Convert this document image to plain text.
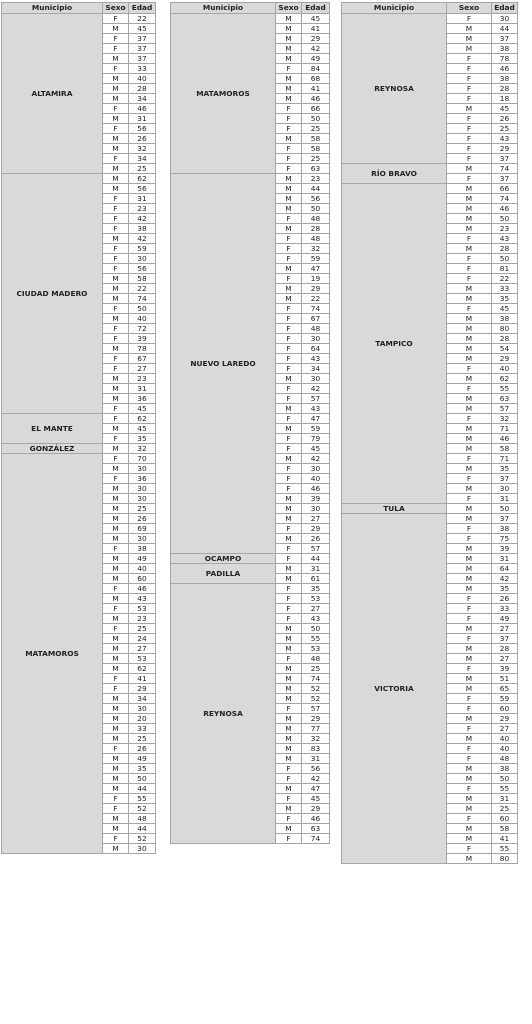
Municipio	Sexo	Edad
ALTAMIRA	F	22
	M	45
	F	37
	F	37
	M	37
	F	33
	M	40
	M	28
	M	34
	F	46
	M	31
	F	56
	M	26
	M	32
	F	34
	M	25
CIUDAD MADERO	M	62
	M	56
	F	31
	F	23
	F	42
	F	38
	M	42
	F	59
	F	30
	F	56
	M	58
	M	22
	M	74
	F	50
	M	40
	F	72
	F	39
	M	78
	F	67
	F	27
	M	23
	M	31
	M	36
	F	45
EL MANTE	F	62
	M	45
	F	35
GONZÁLEZ	M	32
MATAMOROS	F	70
	M	30
	F	36
	M	30
	M	30
	M	25
	M	26
	M	69
	M	30
	F	38
	M	49
	M	40
	M	60
	F	46
	M	43
	F	53
	M	23
	F	25
	M	24
	M	27
	M	53
	M	62
	F	41
	F	29
	M	34
	M	30
	M	20
	M	33
	M	25
	F	26
	M	49
	M	35
	M	50
	M	44
	F	55
	F	52
	M	48
	M	44
	F	52
	M	30
Municipio	Sexo	Edad
MATAMOROS	M	45
	M	41
	M	29
	M	42
	M	49
	F	84
	M	68
	M	41
	M	46
	F	66
	F	50
	F	25
	M	58
	F	58
	F	25
	F	63
NUEVO LAREDO	M	23
	M	44
	M	56
	M	50
	F	48
	M	28
	F	48
	F	32
	F	59
	M	47
	F	19
	M	29
	M	22
	F	74
	F	67
	F	48
	F	30
	F	64
	F	43
	F	34
	M	30
	F	42
	F	57
	M	43
	F	47
	M	59
	F	79
	F	45
	M	42
	F	30
	F	40
	F	46
	M	39
	M	30
	M	27
	F	29
	M	26
	F	57
OCAMPO	F	44
PADILLA	M	31
	M	61
REYNOSA	F	35
	F	53
	F	27
	F	43
	M	50
	M	55
	M	53
	F	48
	M	25
	M	74
	M	52
	M	52
	F	57
	M	29
	M	77
	M	32
	M	83
	M	31
	F	56
	F	42
	M	47
	F	45
	M	29
	F	46
	M	63
	F	74
Municipio	Sexo	Edad
REYNOSA	F	30
	M	44
	M	37
	M	38
	F	78
	F	46
	F	38
	F	28
	F	18
	M	45
	F	26
	F	25
	F	43
	F	29
	F	37
RÍO BRAVO	M	74
	F	37
TAMPICO	M	66
	M	74
	M	46
	M	50
	M	23
	F	43
	M	28
	F	50
	F	81
	F	22
	M	33
	M	35
	F	45
	M	38
	M	80
	M	28
	M	54
	M	29
	F	40
	M	62
	F	55
	M	63
	M	57
	F	32
	M	71
	M	46
	M	58
	F	71
	M	35
	F	37
	M	30
	F	31
TULA	M	50
VICTORIA	M	37
	F	38
	F	75
	M	39
	M	31
	M	64
	M	42
	M	35
	F	26
	F	33
	F	49
	M	27
	F	37
	M	28
	M	27
	F	39
	M	51
	M	65
	F	59
	F	60
	M	29
	F	27
	M	40
	F	40
	F	48
	M	38
	M	50
	F	55
	M	31
	M	25
	F	60
	M	58
	M	41
	F	55
	M	80
